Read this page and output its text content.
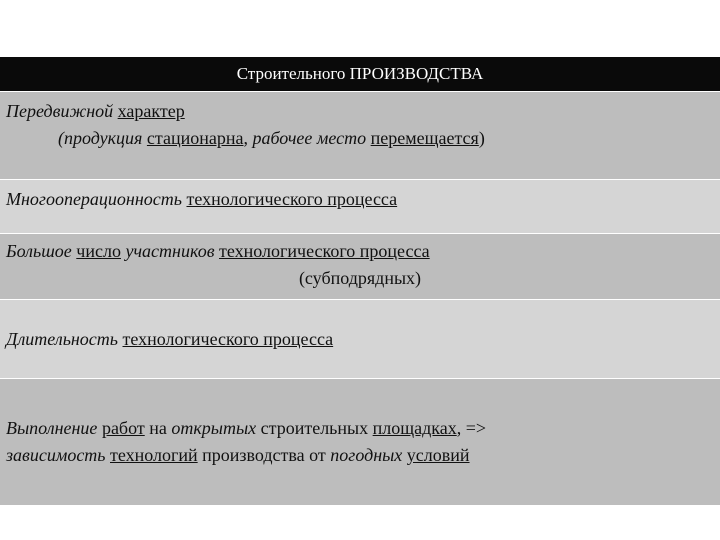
Строительного ПРОИЗВОДСТВА
Передвижной характер
(продукция стационарна, рабочее место перемещается)
Многооперационность технологического процесса
Большое число участников технологического процесса
(субподрядных)
Длительность технологического процесса
Выполнение работ на открытых строительных площадках, =>
зависимость технологий производства от погодных условий
